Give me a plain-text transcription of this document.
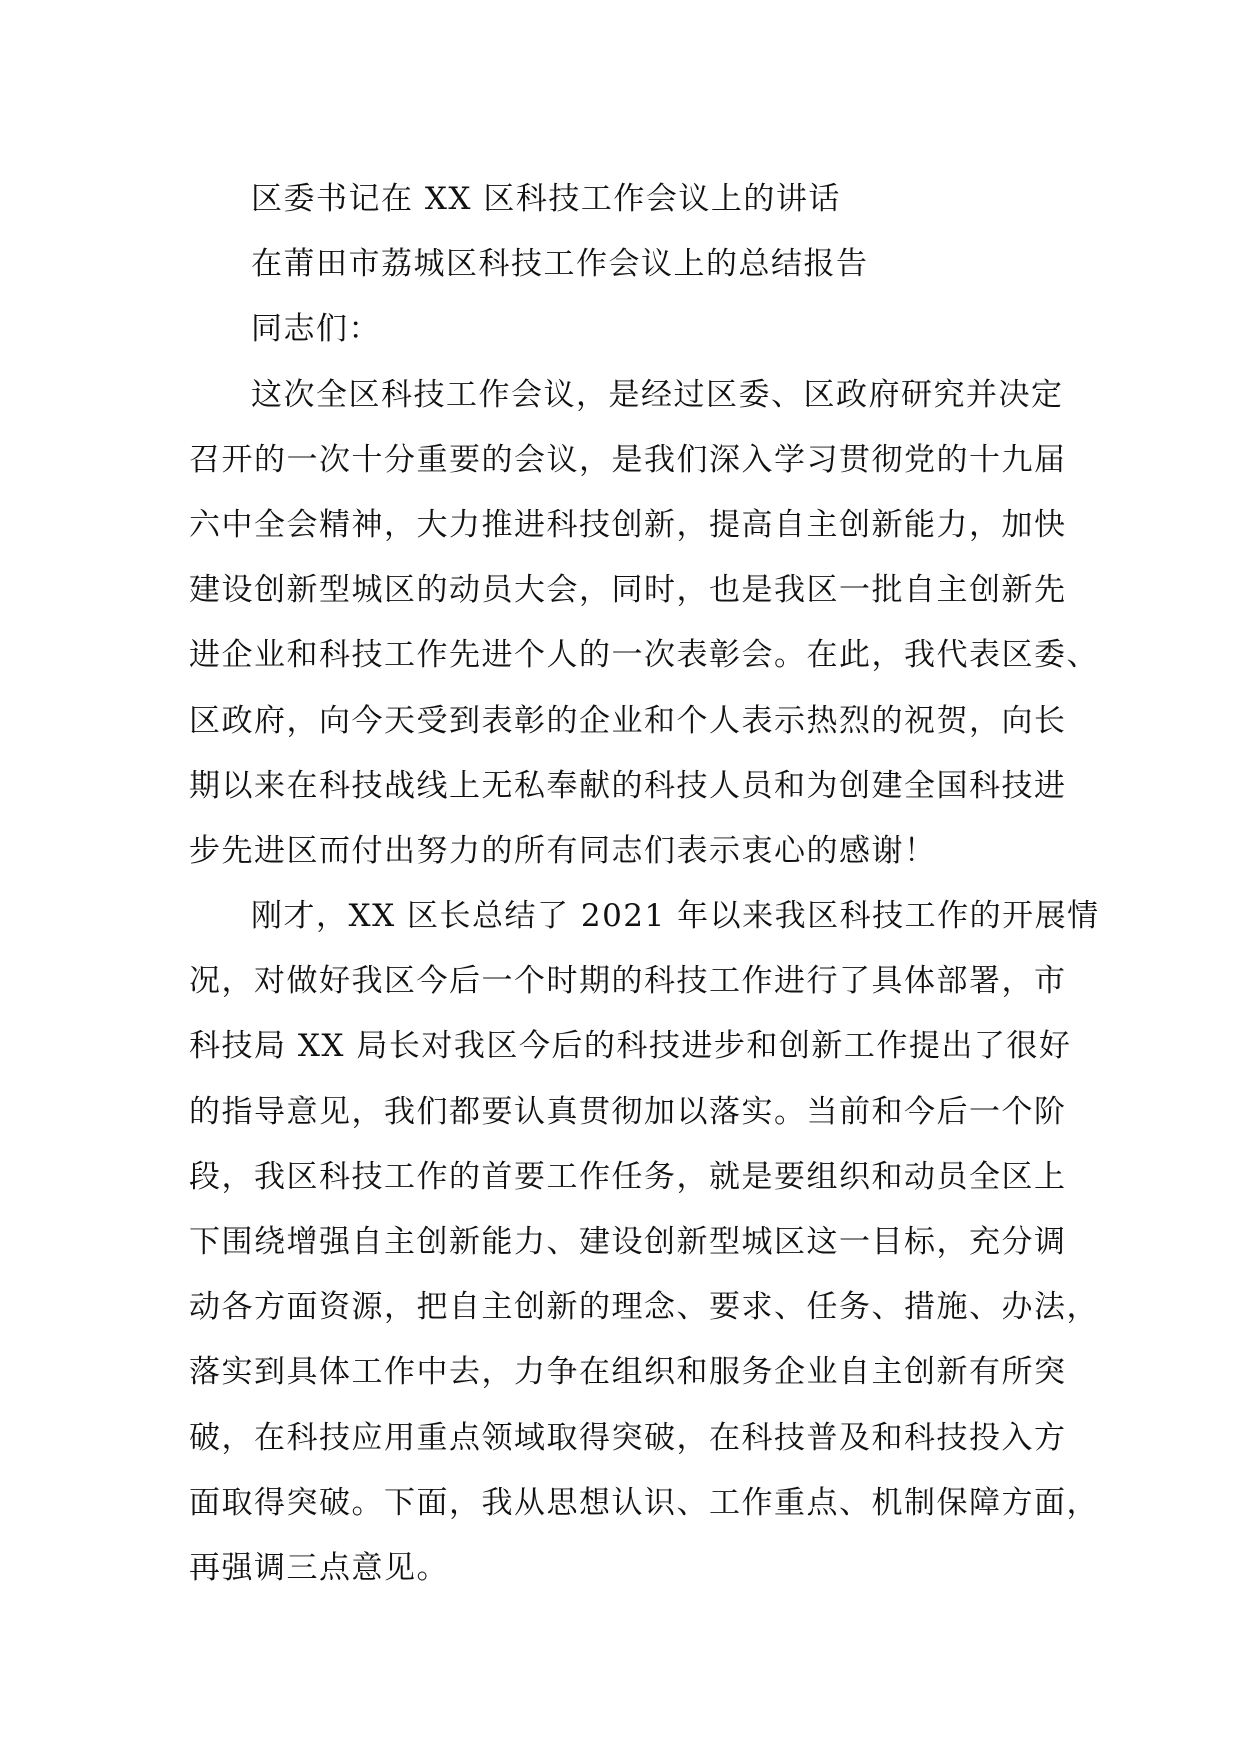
区委书记在 XX 区科技工作会议上的讲话

在莆田市荔城区科技工作会议上的总结报告

同志们：

这次全区科技工作会议，是经过区委、区政府研究并决定

召开的一次十分重要的会议，是我们深入学习贯彻党的十九届

六中全会精神，大力推进科技创新，提高自主创新能力，加快

建设创新型城区的动员大会，同时，也是我区一批自主创新先

进企业和科技工作先进个人的一次表彰会。在此，我代表区委、

区政府，向今天受到表彰的企业和个人表示热烈的祝贺，向长

期以来在科技战线上无私奉献的科技人员和为创建全国科技进

步先进区而付出努力的所有同志们表示衷心的感谢！

刚才，XX 区长总结了 2021 年以来我区科技工作的开展情

况，对做好我区今后一个时期的科技工作进行了具体部署，市

科技局 XX 局长对我区今后的科技进步和创新工作提出了很好

的指导意见，我们都要认真贯彻加以落实。当前和今后一个阶

段，我区科技工作的首要工作任务，就是要组织和动员全区上

下围绕增强自主创新能力、建设创新型城区这一目标，充分调

动各方面资源，把自主创新的理念、要求、任务、措施、办法，

落实到具体工作中去，力争在组织和服务企业自主创新有所突

破，在科技应用重点领域取得突破，在科技普及和科技投入方

面取得突破。下面，我从思想认识、工作重点、机制保障方面，

再强调三点意见。
